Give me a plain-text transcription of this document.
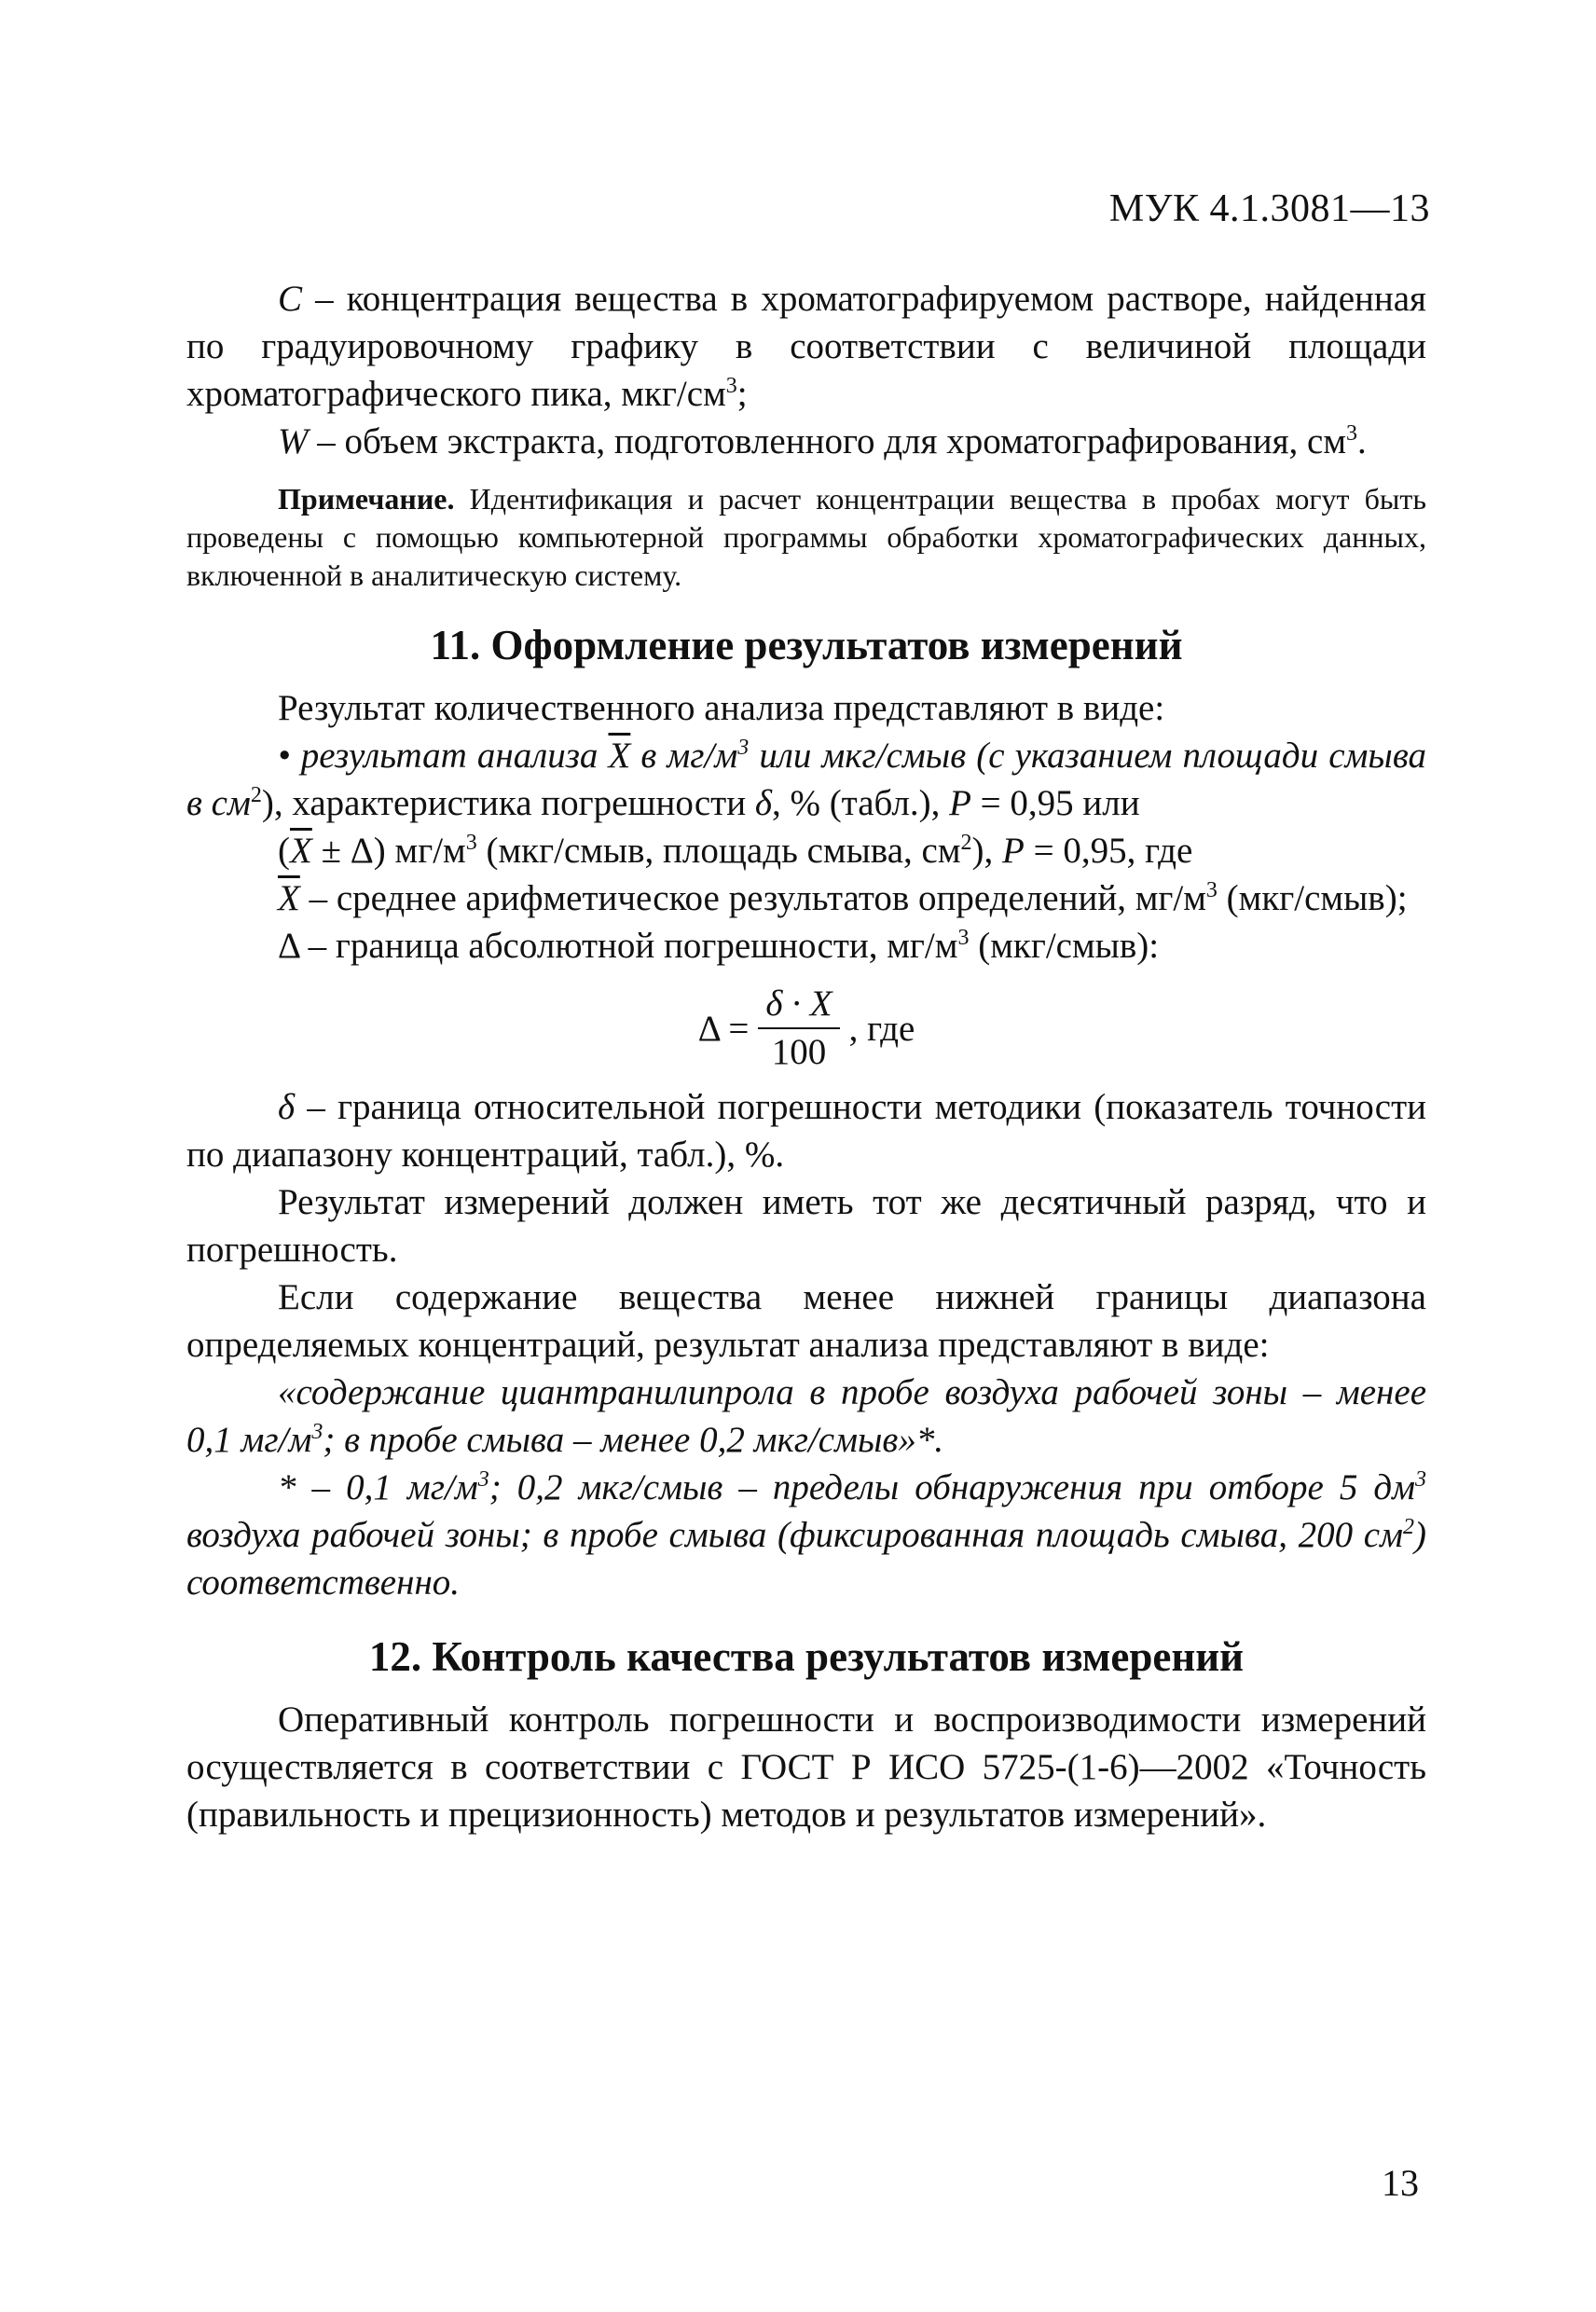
МУК 4.1.3081—13

C – концентрация вещества в хроматографируемом растворе, найденная по градуировочному графику в соответствии с величиной площади хроматографического пика, мкг/$см^3$;

W – объем экстракта, подготовленного для хроматографирования, $см^3$.

Примечание. Идентификация и расчет концентрации вещества в пробах могут быть проведены с помощью компьютерной программы обработки хроматографических данных, включенной в аналитическую систему.

11. Оформление результатов измерений

Результат количественного анализа представляют в виде:

• результат анализа $\overline{X}$ в $мг/м^3$ или мкг/смыв (с указанием площади смыва в $см^2$), характеристика погрешности δ, % (табл.), P = 0,95 или

$(\overline{X} \pm \Delta)$ $мг/м^3$ (мкг/смыв, площадь смыва, $см^2$), P = 0,95, где

$\overline{X}$ – среднее арифметическое результатов определений, $мг/м^3$ (мкг/смыв);

Δ – граница абсолютной погрешности, $мг/м^3$ (мкг/смыв):

$\Delta = \frac{\delta \cdot X}{100}$ , где

δ – граница относительной погрешности методики (показатель точности по диапазону концентраций, табл.), %.

Результат измерений должен иметь тот же десятичный разряд, что и погрешность.

Если содержание вещества менее нижней границы диапазона определяемых концентраций, результат анализа представляют в виде:

«содержание циантранилипрола в пробе воздуха рабочей зоны – менее 0,1 $мг/м^3$; в пробе смыва – менее 0,2 мкг/смыв»*.

* – 0,1 $мг/м^3$; 0,2 мкг/смыв – пределы обнаружения при отборе 5 $дм^3$ воздуха рабочей зоны; в пробе смыва (фиксированная площадь смыва, 200 $см^2$) соответственно.

12. Контроль качества результатов измерений

Оперативный контроль погрешности и воспроизводимости измерений осуществляется в соответствии с ГОСТ Р ИСО 5725-(1-6)—2002 «Точность (правильность и прецизионность) методов и результатов измерений».

13
